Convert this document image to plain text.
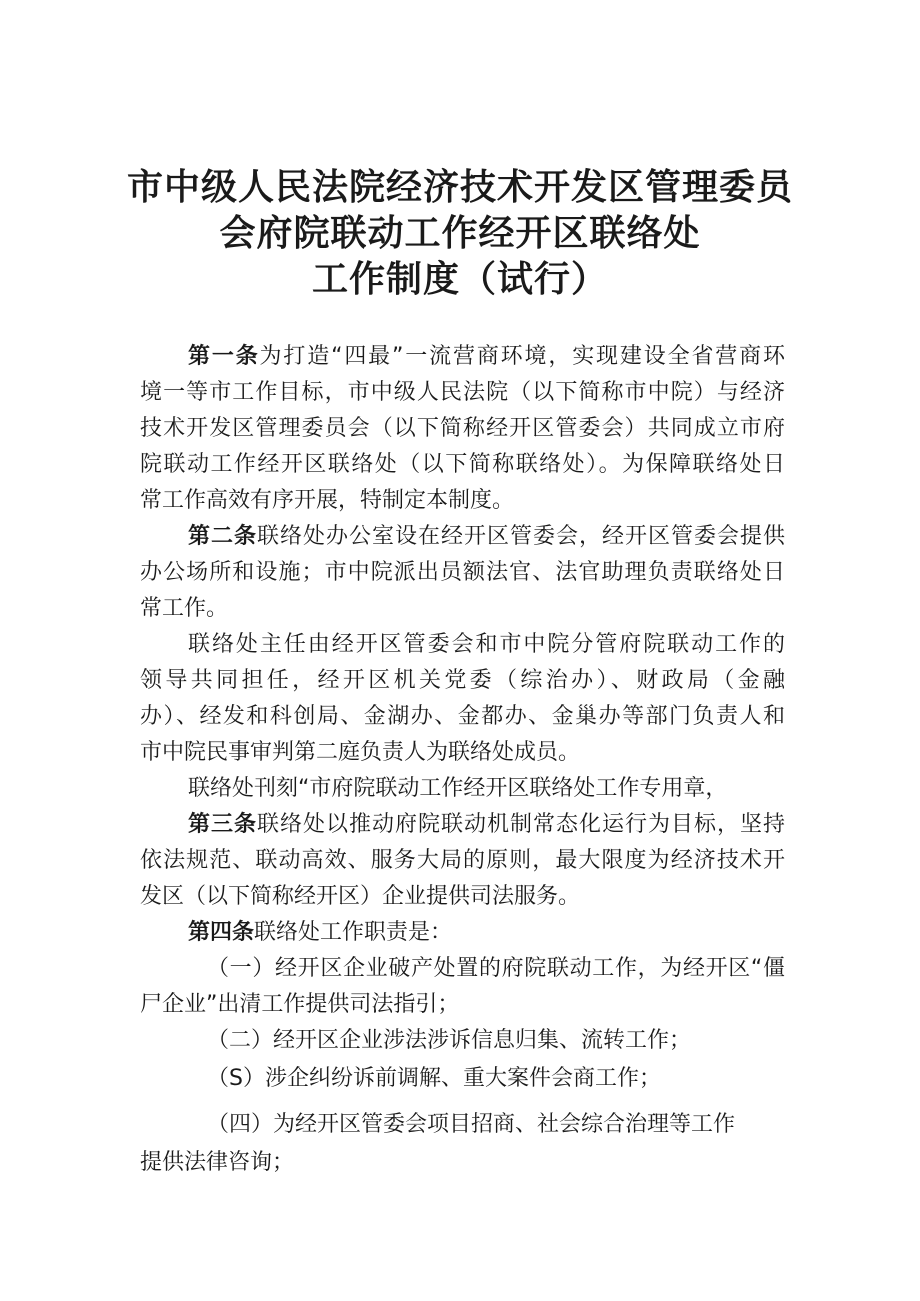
市中级人民法院经济技术开发区管理委员
会府院联动工作经开区联络处
工作制度（试行）
第一条为打造“四最”一流营商环境，实现建设全省营商环
境一等市工作目标，市中级人民法院（以下简称市中院）与经济
技术开发区管理委员会（以下简称经开区管委会）共同成立市府
院联动工作经开区联络处（以下简称联络处）。为保障联络处日
常工作高效有序开展，特制定本制度。
第二条联络处办公室设在经开区管委会，经开区管委会提供
办公场所和设施；市中院派出员额法官、法官助理负责联络处日
常工作。
联络处主任由经开区管委会和市中院分管府院联动工作的
领导共同担任，经开区机关党委（综治办）、财政局（金融
办）、经发和科创局、金湖办、金都办、金巢办等部门负责人和
市中院民事审判第二庭负责人为联络处成员。
联络处刊刻“市府院联动工作经开区联络处工作专用章，
第三条联络处以推动府院联动机制常态化运行为目标，坚持
依法规范、联动高效、服务大局的原则，最大限度为经济技术开
发区（以下简称经开区）企业提供司法服务。
第四条联络处工作职责是：
（一）经开区企业破产处置的府院联动工作，为经开区“僵
尸企业”出清工作提供司法指引；
（二）经开区企业涉法涉诉信息归集、流转工作；
（S）涉企纠纷诉前调解、重大案件会商工作；
（四）为经开区管委会项目招商、社会综合治理等工作
提供法律咨询；
